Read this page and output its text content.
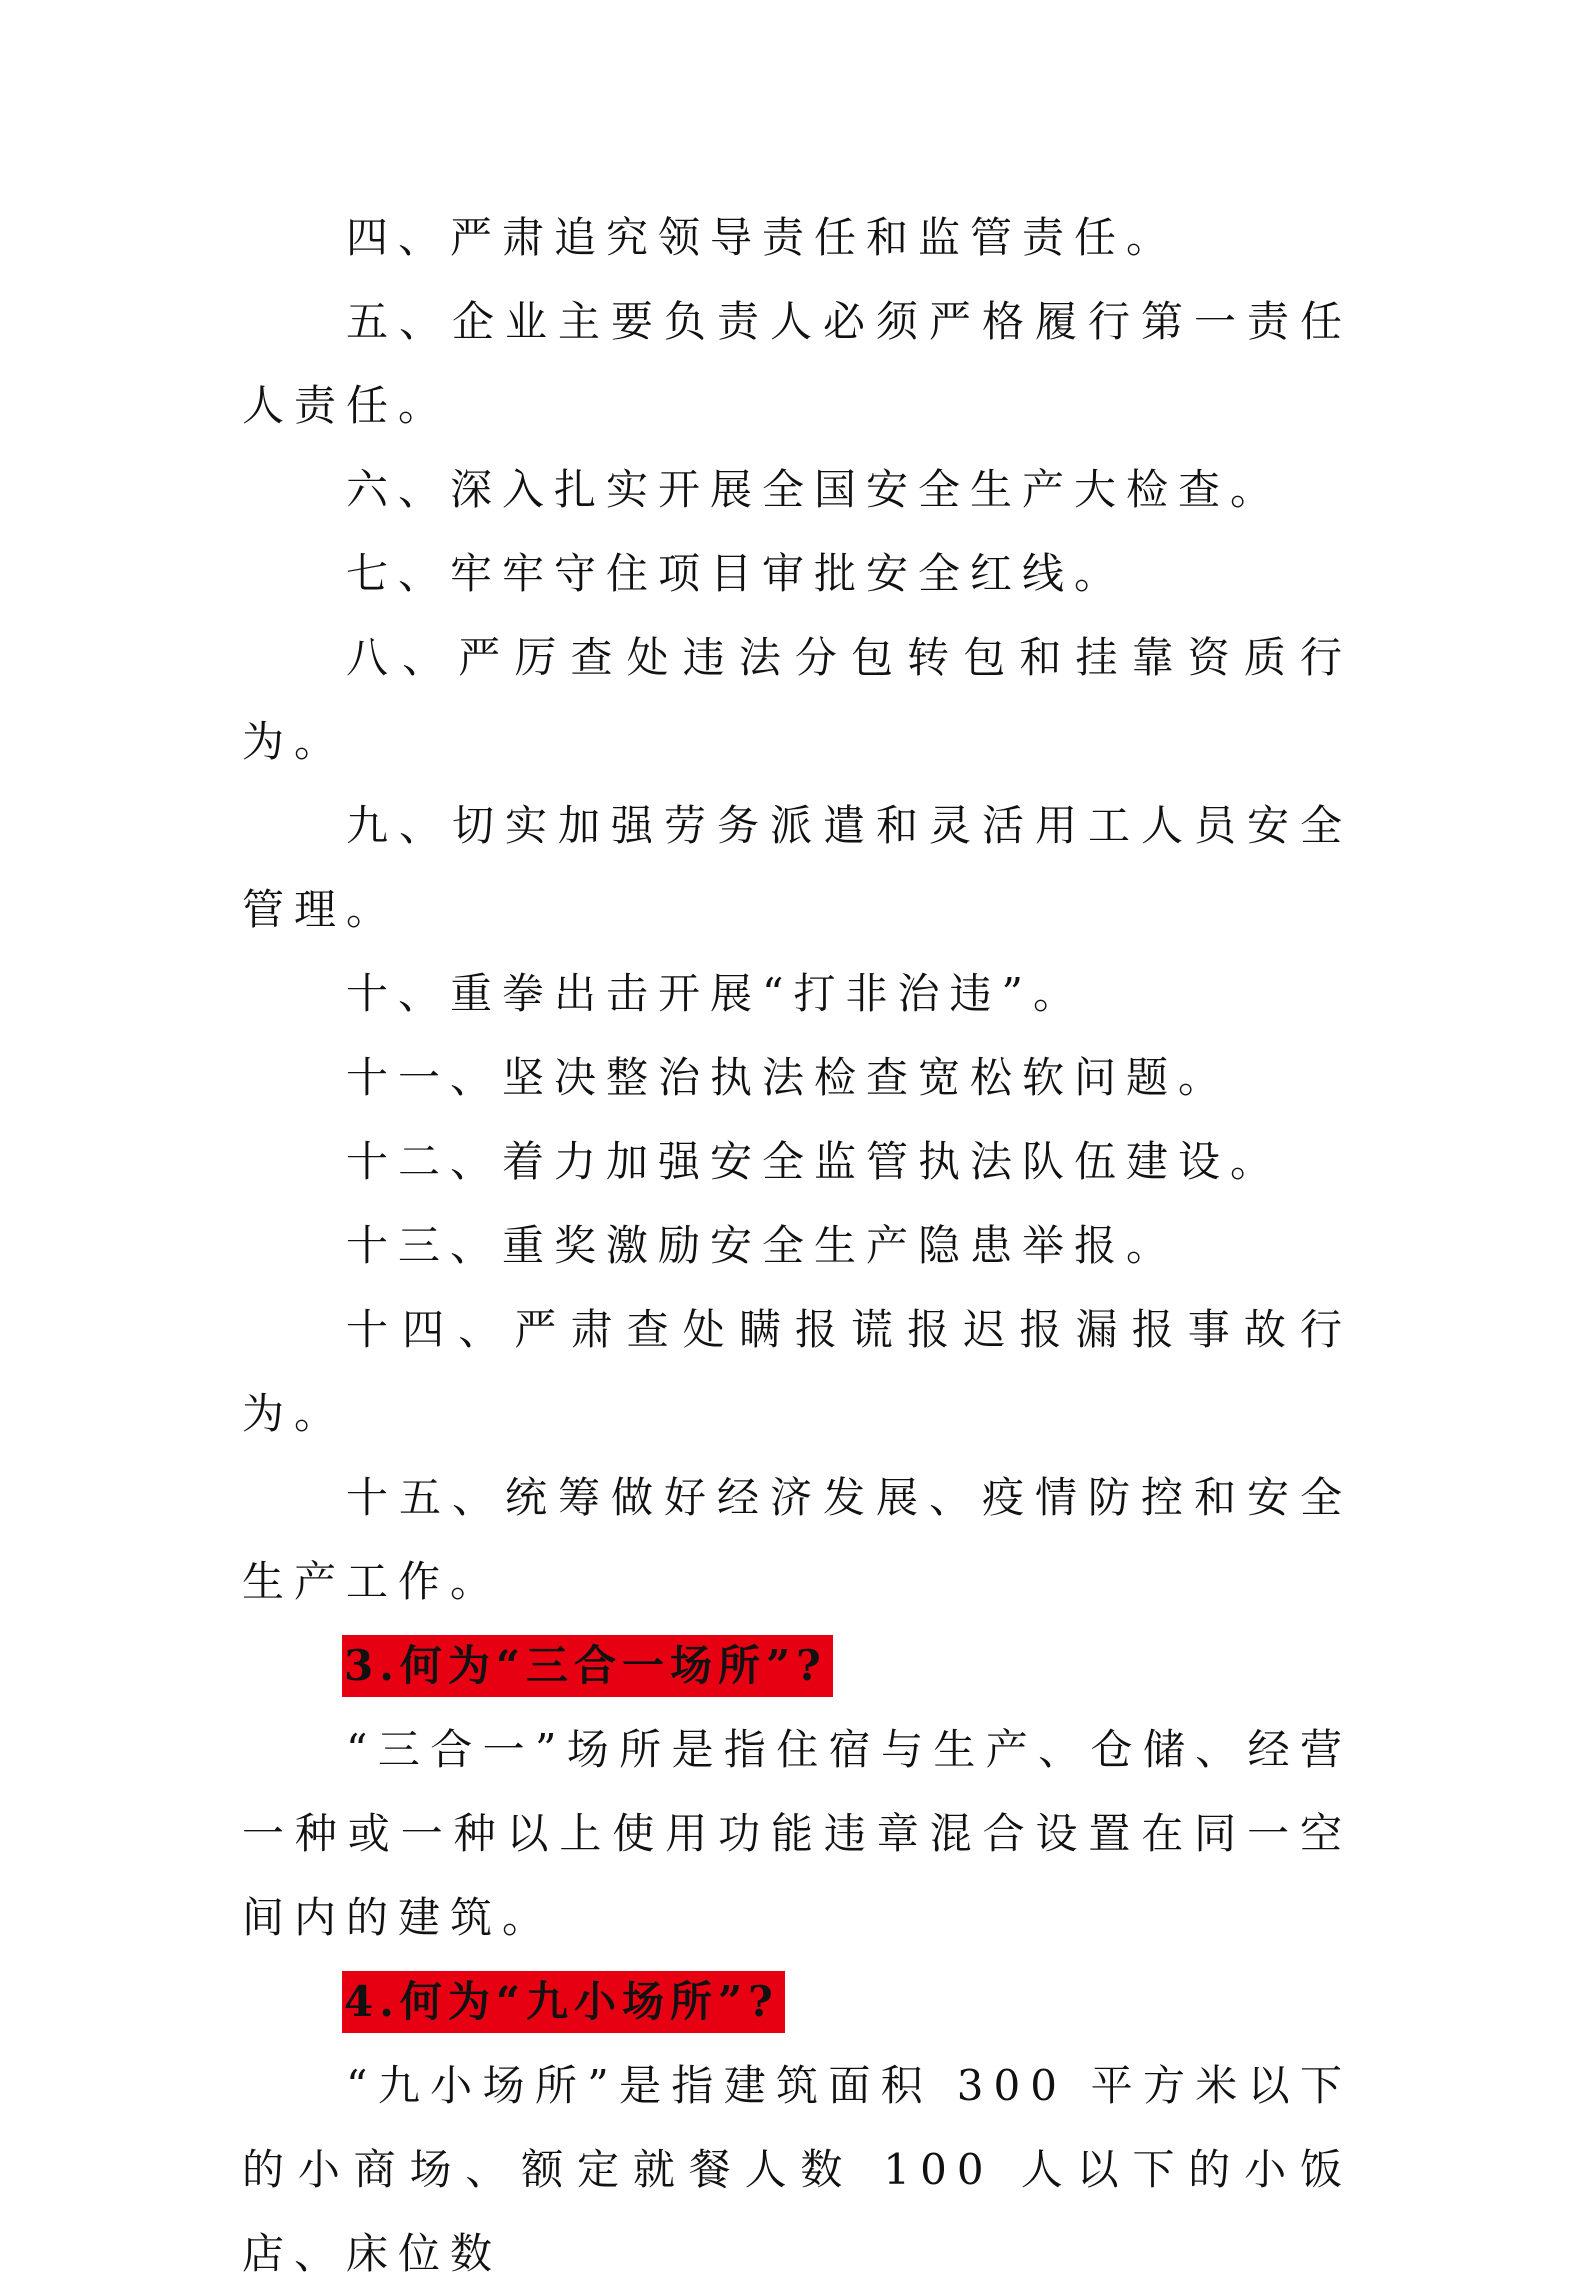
四、严肃追究领导责任和监管责任。

五、企业主要负责人必须严格履行第一责任人责任。

六、深入扎实开展全国安全生产大检查。

七、牢牢守住项目审批安全红线。

八、严厉查处违法分包转包和挂靠资质行为。

九、切实加强劳务派遣和灵活用工人员安全管理。

十、重拳出击开展“打非治违”。

十一、坚决整治执法检查宽松软问题。

十二、着力加强安全监管执法队伍建设。

十三、重奖激励安全生产隐患举报。

十四、严肃查处瞒报谎报迟报漏报事故行为。

十五、统筹做好经济发展、疫情防控和安全生产工作。

3.何为“三合一场所”?

“三合一”场所是指住宿与生产、仓储、经营一种或一种以上使用功能违章混合设置在同一空间内的建筑。

4.何为“九小场所”?

“九小场所”是指建筑面积 300 平方米以下的小商场、额定就餐人数 100 人以下的小饭店、床位数
